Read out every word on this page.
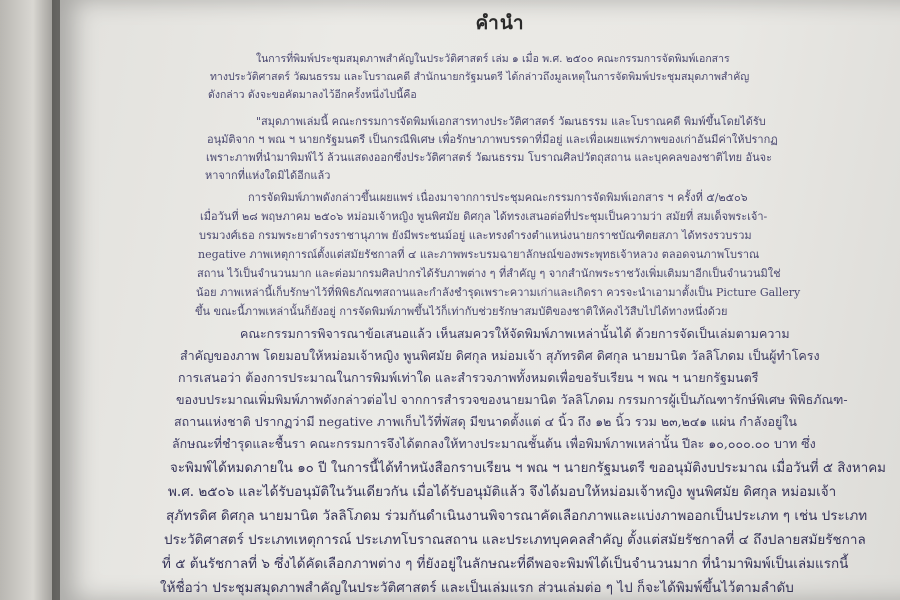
คำนำ
ในการที่พิมพ์ประชุมสมุดภาพสำคัญในประวัติศาสตร์ เล่ม ๑ เมื่อ พ.ศ. ๒๕๐๐ คณะกรรมการจัดพิมพ์เอกสาร
ทางประวัติศาสตร์ วัฒนธรรม และโบราณคดี สำนักนายกรัฐมนตรี ได้กล่าวถึงมูลเหตุในการจัดพิมพ์ประชุมสมุดภาพสำคัญ
ดังกล่าว ดังจะขอคัดมาลงไว้อีกครั้งหนึ่งไปนี้คือ
"สมุดภาพเล่มนี้ คณะกรรมการจัดพิมพ์เอกสารทางประวัติศาสตร์ วัฒนธรรม และโบราณคดี พิมพ์ขึ้นโดยได้รับ
อนุมัติจาก ฯ พณ ฯ นายกรัฐมนตรี เป็นกรณีพิเศษ เพื่อรักษาภาพบรรดาที่มีอยู่ และเพื่อเผยแพร่ภาพของเก่าอันมีค่าให้ปรากฏ
เพราะภาพที่นำมาพิมพ์ไว้ ล้วนแสดงออกซึ่งประวัติศาสตร์ วัฒนธรรม โบราณศิลปวัตถุสถาน และบุคคลของชาติไทย อันจะ
หาจากที่แห่งใดมิได้อีกแล้ว
การจัดพิมพ์ภาพดังกล่าวขึ้นเผยแพร่ เนื่องมาจากการประชุมคณะกรรมการจัดพิมพ์เอกสาร ฯ ครั้งที่ ๕/๒๕๐๖
เมื่อวันที่ ๒๘ พฤษภาคม ๒๕๐๖ หม่อมเจ้าหญิง พูนพิศมัย ดิศกุล ได้ทรงเสนอต่อที่ประชุมเป็นความว่า สมัยที่ สมเด็จพระเจ้า-
บรมวงศ์เธอ กรมพระยาดำรงราชานุภาพ ยังมีพระชนม์อยู่ และทรงดำรงตำแหน่งนายกราชบัณฑิตยสภา ได้ทรงรวบรวม
negative ภาพเหตุการณ์ตั้งแต่สมัยรัชกาลที่ ๔ และภาพพระบรมฉายาลักษณ์ของพระพุทธเจ้าหลวง ตลอดจนภาพโบราณ
สถาน ไว้เป็นจำนวนมาก และต่อมากรมศิลปากรได้รับภาพต่าง ๆ ที่สำคัญ ๆ จากสำนักพระราชวังเพิ่มเติมมาอีกเป็นจำนวนมิใช่
น้อย ภาพเหล่านี้เก็บรักษาไว้ที่พิพิธภัณฑสถานและกำลังชำรุดเพราะความเก่าและเกิดรา ควรจะนำเอามาตั้งเป็น Picture Gallery
ขึ้น ขณะนี้ภาพเหล่านั้นก็ยังอยู่ การจัดพิมพ์ภาพขึ้นไว้ก็เท่ากับช่วยรักษาสมบัติของชาติให้คงไว้สืบไปได้ทางหนึ่งด้วย
คณะกรรมการพิจารณาข้อเสนอแล้ว เห็นสมควรให้จัดพิมพ์ภาพเหล่านั้นได้ ด้วยการจัดเป็นเล่มตามความ
สำคัญของภาพ โดยมอบให้หม่อมเจ้าหญิง พูนพิศมัย ดิศกุล หม่อมเจ้า สุภัทรดิศ ดิศกุล นายมานิต วัลลิโภดม เป็นผู้ทำโครง
การเสนอว่า ต้องการประมาณในการพิมพ์เท่าใด และสำรวจภาพทั้งหมดเพื่อขอรับเรียน ฯ พณ ฯ นายกรัฐมนตรี
ของบประมาณเพิ่มพิมพ์ภาพดังกล่าวต่อไป จากการสำรวจของนายมานิต วัลลิโภดม กรรมการผู้เป็นภัณฑารักษ์พิเศษ พิพิธภัณฑ-
สถานแห่งชาติ ปรากฏว่ามี negative ภาพเก็บไว้ที่พัสดุ มีขนาดตั้งแต่ ๔ นิ้ว ถึง ๑๒ นิ้ว รวม ๒๓,๒๔๑ แผ่น กำลังอยู่ใน
ลักษณะที่ชำรุดและชื้นรา คณะกรรมการจึงได้ตกลงให้ทางประมาณชั้นต้น เพื่อพิมพ์ภาพเหล่านั้น ปีละ ๑๐,๐๐๐.๐๐ บาท ซึ่ง
จะพิมพ์ได้หมดภายใน ๑๐ ปี ในการนี้ได้ทำหนังสือกราบเรียน ฯ พณ ฯ นายกรัฐมนตรี ขออนุมัติงบประมาณ เมื่อวันที่ ๕ สิงหาคม
พ.ศ. ๒๕๐๖ และได้รับอนุมัติในวันเดียวกัน เมื่อได้รับอนุมัติแล้ว จึงได้มอบให้หม่อมเจ้าหญิง พูนพิศมัย ดิศกุล หม่อมเจ้า
สุภัทรดิศ ดิศกุล นายมานิต วัลลิโภดม ร่วมกันดำเนินงานพิจารณาคัดเลือกภาพและแบ่งภาพออกเป็นประเภท ๆ เช่น ประเภท
ประวัติศาสตร์ ประเภทเหตุการณ์ ประเภทโบราณสถาน และประเภทบุคคลสำคัญ ตั้งแต่สมัยรัชกาลที่ ๔ ถึงปลายสมัยรัชกาล
ที่ ๕ ต้นรัชกาลที่ ๖ ซึ่งได้คัดเลือกภาพต่าง ๆ ที่ยังอยู่ในลักษณะที่ดีพอจะพิมพ์ได้เป็นจำนวนมาก ที่นำมาพิมพ์เป็นเล่มแรกนี้
ให้ชื่อว่า ประชุมสมุดภาพสำคัญในประวัติศาสตร์ และเป็นเล่มแรก ส่วนเล่มต่อ ๆ ไป ก็จะได้พิมพ์ขึ้นไว้ตามลำดับ
